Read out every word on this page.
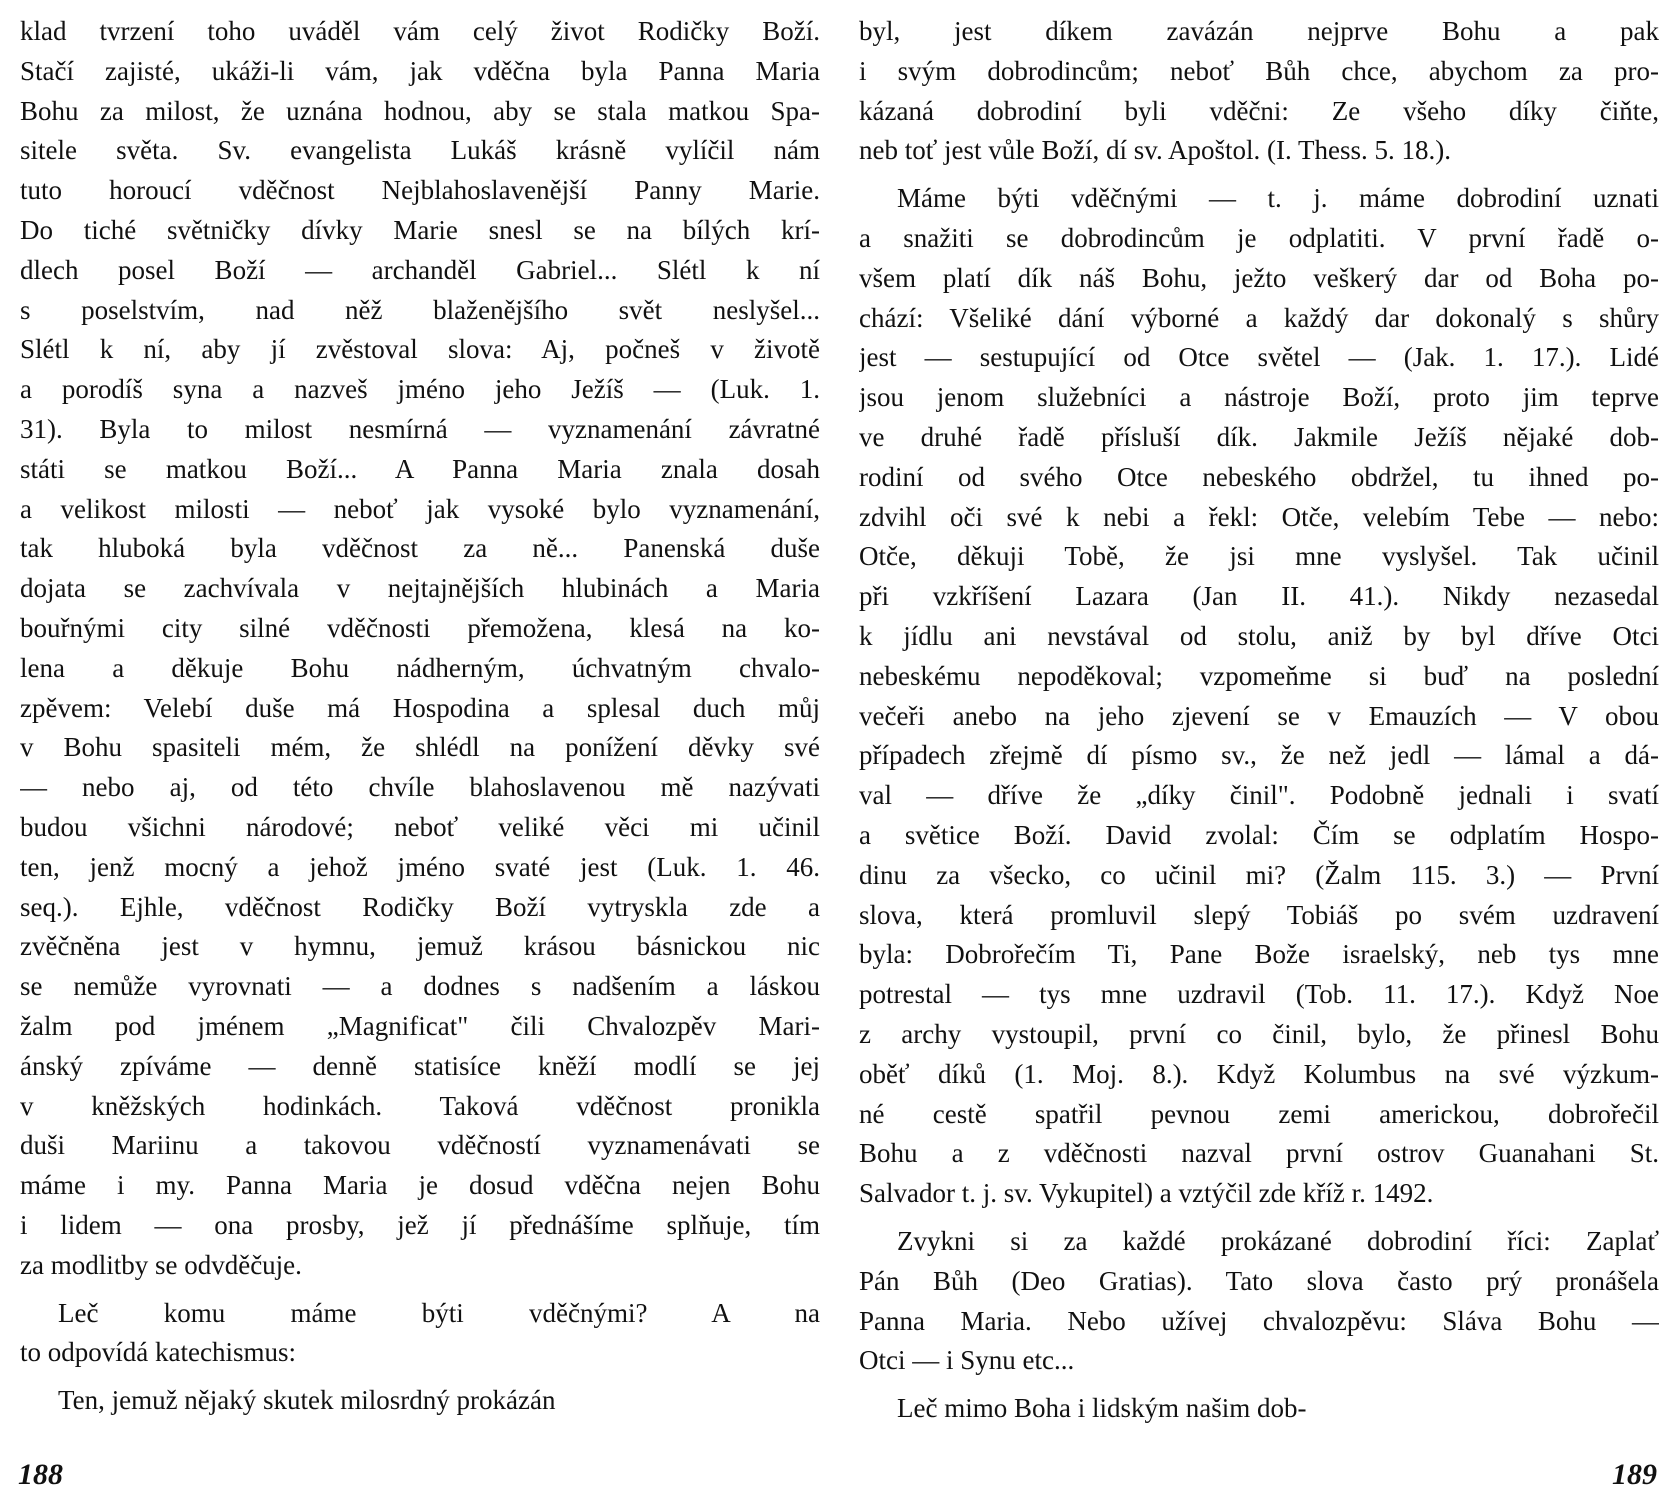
klad tvrzení toho uváděl vám celý život Rodičky Boží.
Stačí zajisté, ukáži-li vám, jak vděčna byla Panna Maria
Bohu za milost, že uznána hodnou, aby se stala matkou Spa-
sitele světa. Sv. evangelista Lukáš krásně vylíčil nám
tuto horoucí vděčnost Nejblahoslavenější Panny Marie.
Do tiché světničky dívky Marie snesl se na bílých krí-
dlech posel Boží — archanděl Gabriel... Slétl k ní
s poselstvím, nad něž blaženějšího svět neslyšel...
Slétl k ní, aby jí zvěstoval slova: Aj, počneš v životě
a porodíš syna a nazveš jméno jeho Ježíš — (Luk. 1.
31). Byla to milost nesmírná — vyznamenání závratné
státi se matkou Boží... A Panna Maria znala dosah
a velikost milosti — neboť jak vysoké bylo vyznamenání,
tak hluboká byla vděčnost za ně... Panenská duše
dojata se zachvívala v nejtajnějších hlubinách a Maria
bouřnými city silné vděčnosti přemožena, klesá na ko-
lena a děkuje Bohu nádherným, úchvatným chvalo-
zpěvem: Velebí duše má Hospodina a splesal duch můj
v Bohu spasiteli mém, že shlédl na ponížení děvky své
— nebo aj, od této chvíle blahoslavenou mě nazývati
budou všichni národové; neboť veliké věci mi učinil
ten, jenž mocný a jehož jméno svaté jest (Luk. 1. 46.
seq.). Ejhle, vděčnost Rodičky Boží vytryskla zde a
zvěčněna jest v hymnu, jemuž krásou básnickou nic
se nemůže vyrovnati — a dodnes s nadšením a láskou
žalm pod jménem „Magnificat" čili Chvalozpěv Mari-
ánský zpíváme — denně statisíce kněží modlí se jej
v kněžských hodinkách. Taková vděčnost pronikla
duši Mariinu a takovou vděčností vyznamenávati se
máme i my. Panna Maria je dosud vděčna nejen Bohu
i lidem — ona prosby, jež jí přednášíme splňuje, tím
za modlitby se odvděčuje.
Leč komu máme býti vděčnými? A na
to odpovídá katechismus:
Ten, jemuž nějaký skutek milosrdný prokázán
188
byl, jest díkem zavázán nejprve Bohu a pak
i svým dobrodincům; neboť Bůh chce, abychom za pro-
kázaná dobrodiní byli vděčni: Ze všeho díky čiňte,
neb toť jest vůle Boží, dí sv. Apoštol. (I. Thess. 5. 18.).
Máme býti vděčnými — t. j. máme dobrodiní uznati
a snažiti se dobrodincům je odplatiti. V první řadě o-
všem platí dík náš Bohu, ježto veškerý dar od Boha po-
chází: Všeliké dání výborné a každý dar dokonalý s shůry
jest — sestupující od Otce světel — (Jak. 1. 17.). Lidé
jsou jenom služebníci a nástroje Boží, proto jim teprve
ve druhé řadě přísluší dík. Jakmile Ježíš nějaké dob-
rodiní od svého Otce nebeského obdržel, tu ihned po-
zdvihl oči své k nebi a řekl: Otče, velebím Tebe — nebo:
Otče, děkuji Tobě, že jsi mne vyslyšel. Tak učinil
při vzkříšení Lazara (Jan II. 41.). Nikdy nezasedal
k jídlu ani nevstával od stolu, aniž by byl dříve Otci
nebeskému nepoděkoval; vzpomeňme si buď na poslední
večeři anebo na jeho zjevení se v Emauzích — V obou
případech zřejmě dí písmo sv., že než jedl — lámal a dá-
val — dříve že „díky činil". Podobně jednali i svatí
a světice Boží. David zvolal: Čím se odplatím Hospo-
dinu za všecko, co učinil mi? (Žalm 115. 3.) — První
slova, která promluvil slepý Tobiáš po svém uzdravení
byla: Dobrořečím Ti, Pane Bože israelský, neb tys mne
potrestal — tys mne uzdravil (Tob. 11. 17.). Když Noe
z archy vystoupil, první co činil, bylo, že přinesl Bohu
oběť díků (1. Moj. 8.). Když Kolumbus na své výzkum-
né cestě spatřil pevnou zemi americkou, dobrořečil
Bohu a z vděčnosti nazval první ostrov Guanahani St.
Salvador t. j. sv. Vykupitel) a vztýčil zde kříž r. 1492.
Zvykni si za každé prokázané dobrodiní říci: Zaplať
Pán Bůh (Deo Gratias). Tato slova často prý pronášela
Panna Maria. Nebo užívej chvalozpěvu: Sláva Bohu —
Otci — i Synu etc...
Leč mimo Boha i lidským našim dob-
189
